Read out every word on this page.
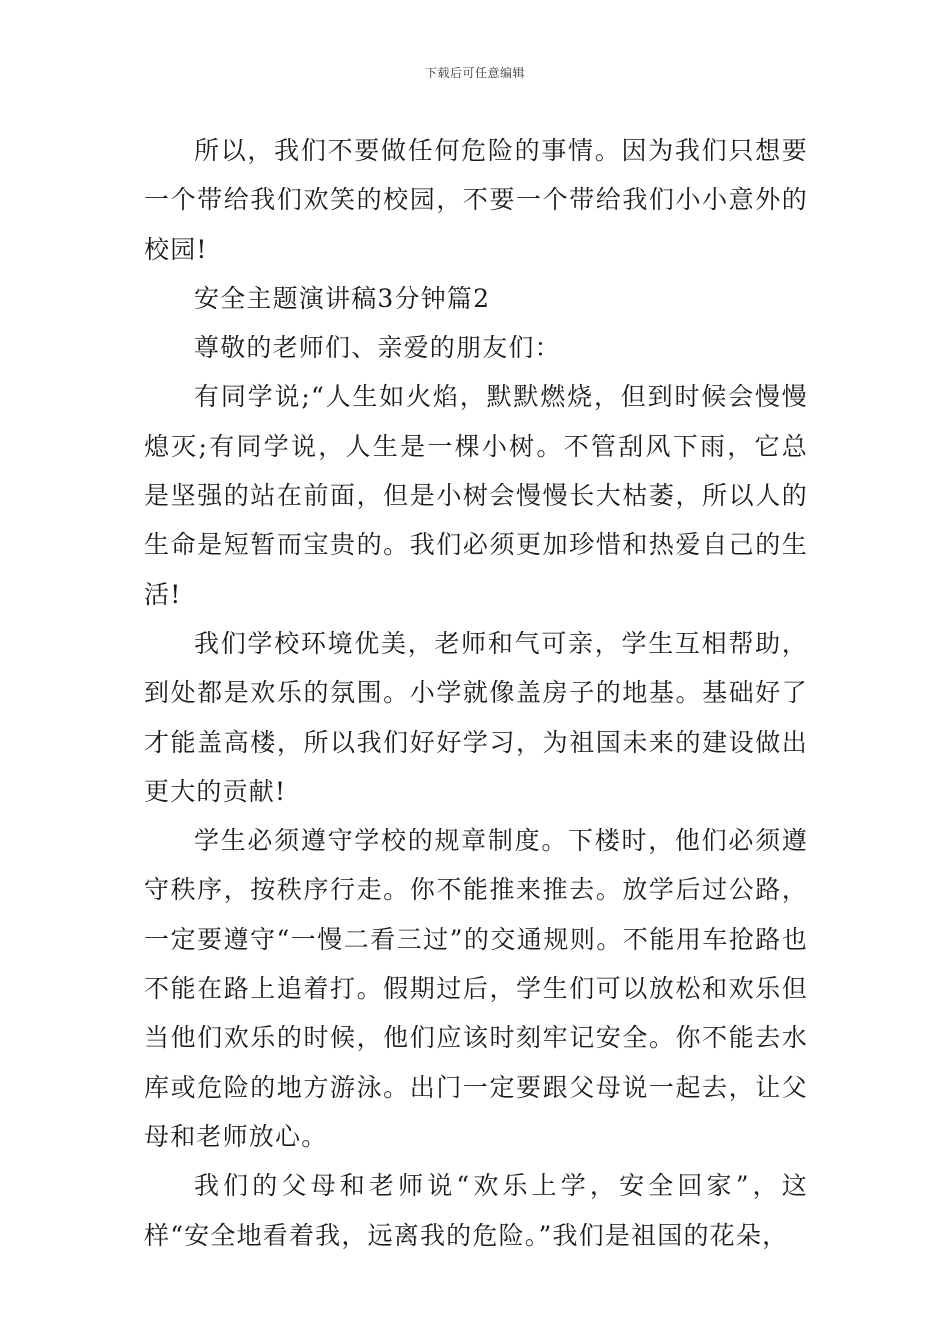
下载后可任意编辑

所以，我们不要做任何危险的事情。因为我们只想要一个带给我们欢笑的校园，不要一个带给我们小小意外的校园!

安全主题演讲稿3分钟篇2

尊敬的老师们、亲爱的朋友们：

有同学说;“人生如火焰，默默燃烧，但到时候会慢慢熄灭;有同学说，人生是一棵小树。不管刮风下雨，它总是坚强的站在前面，但是小树会慢慢长大枯萎，所以人的生命是短暂而宝贵的。我们必须更加珍惜和热爱自己的生活!

我们学校环境优美，老师和气可亲，学生互相帮助，到处都是欢乐的氛围。小学就像盖房子的地基。基础好了才能盖高楼，所以我们好好学习，为祖国未来的建设做出更大的贡献!

学生必须遵守学校的规章制度。下楼时，他们必须遵守秩序，按秩序行走。你不能推来推去。放学后过公路，一定要遵守“一慢二看三过”的交通规则。不能用车抢路也不能在路上追着打。假期过后，学生们可以放松和欢乐但当他们欢乐的时候，他们应该时刻牢记安全。你不能去水库或危险的地方游泳。出门一定要跟父母说一起去，让父母和老师放心。

我们的父母和老师说“欢乐上学，安全回家”，这样“安全地看着我，远离我的危险。”我们是祖国的花朵，
